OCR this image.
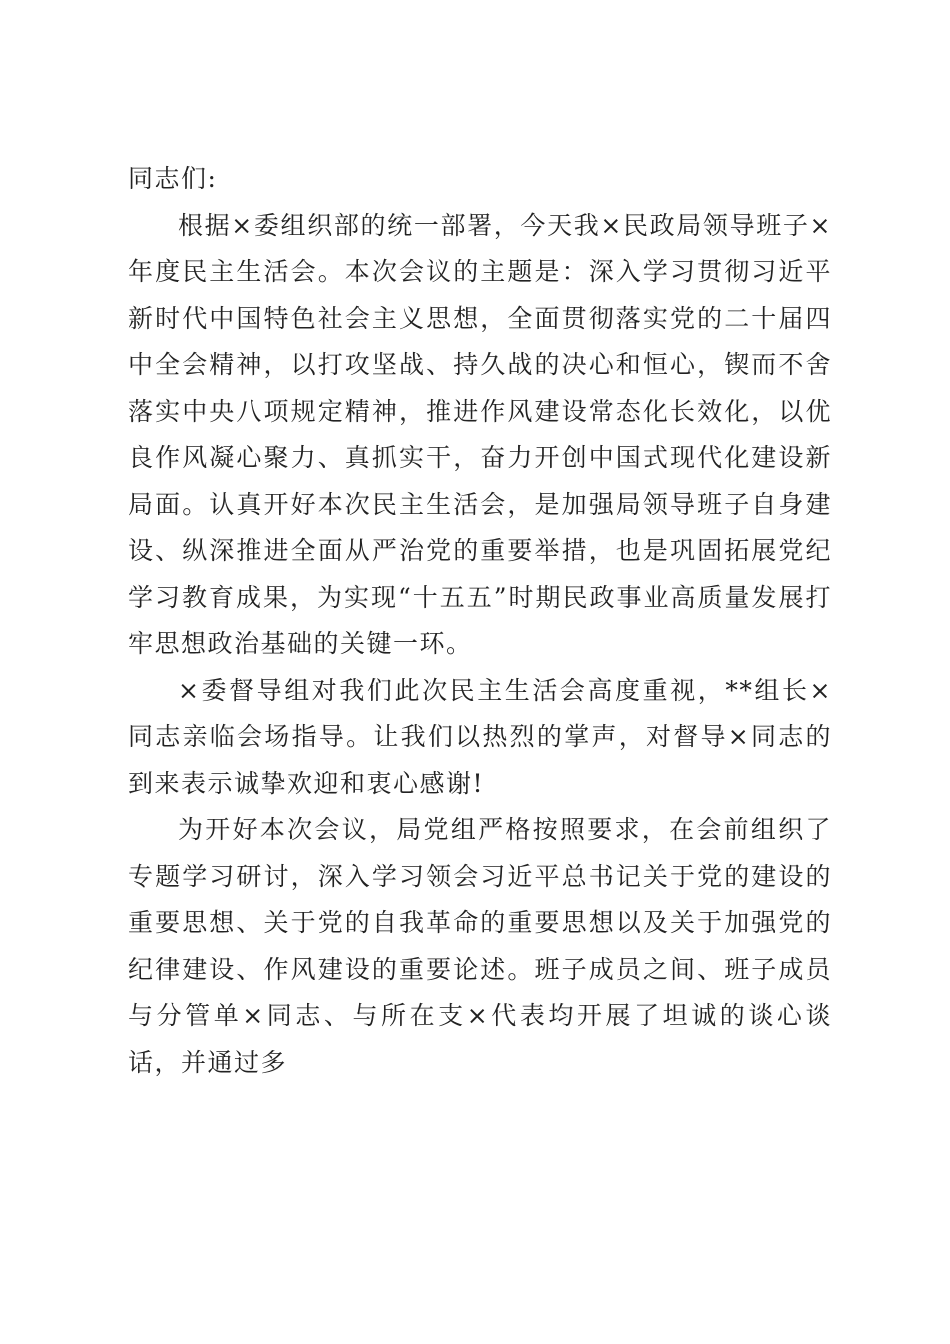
同志们:

根据×委组织部的统一部署，今天我×民政局领导班子×年度民主生活会。本次会议的主题是：深入学习贯彻习近平新时代中国特色社会主义思想，全面贯彻落实党的二十届四中全会精神，以打攻坚战、持久战的决心和恒心，锲而不舍落实中央八项规定精神，推进作风建设常态化长效化，以优良作风凝心聚力、真抓实干，奋力开创中国式现代化建设新局面。认真开好本次民主生活会，是加强局领导班子自身建设、纵深推进全面从严治党的重要举措，也是巩固拓展党纪学习教育成果，为实现“十五五”时期民政事业高质量发展打牢思想政治基础的关键一环。

×委督导组对我们此次民主生活会高度重视，**组长×同志亲临会场指导。让我们以热烈的掌声，对督导×同志的到来表示诚挚欢迎和衷心感谢!

为开好本次会议，局党组严格按照要求，在会前组织了专题学习研讨，深入学习领会习近平总书记关于党的建设的重要思想、关于党的自我革命的重要思想以及关于加强党的纪律建设、作风建设的重要论述。班子成员之间、班子成员与分管单×同志、与所在支×代表均开展了坦诚的谈心谈话，并通过多
